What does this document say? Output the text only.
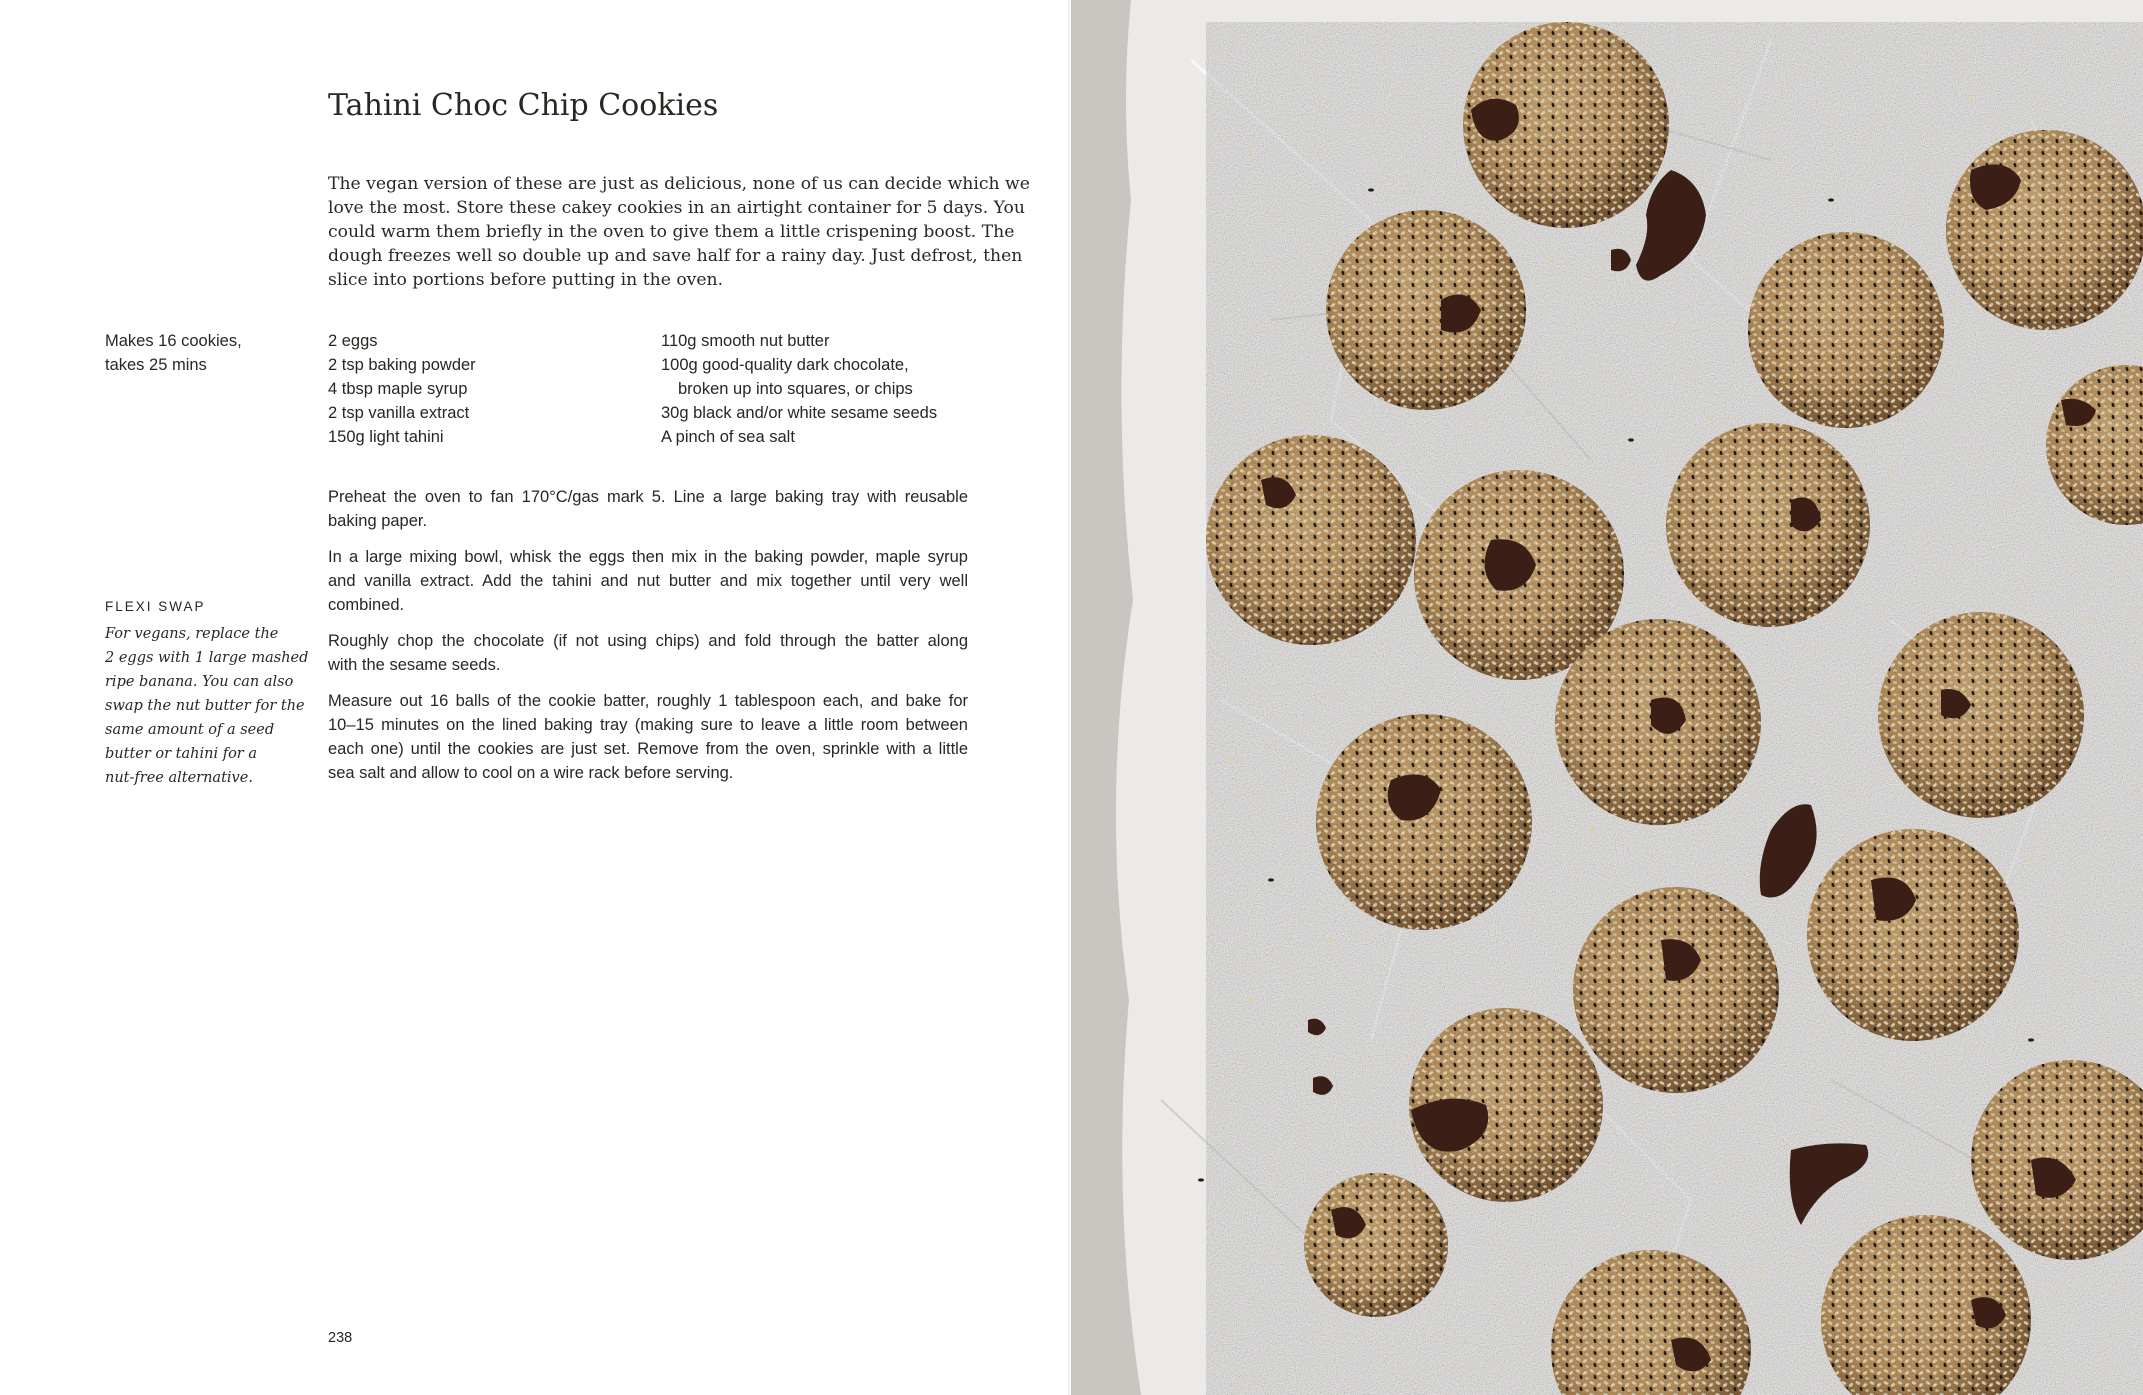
Tahini Choc Chip Cookies
The vegan version of these are just as delicious, none of us can decide which we
love the most. Store these cakey cookies in an airtight container for 5 days. You
could warm them briefly in the oven to give them a little crispening boost. The
dough freezes well so double up and save half for a rainy day. Just defrost, then
slice into portions before putting in the oven.
Makes 16 cookies,
takes 25 mins
2 eggs
2 tsp baking powder
4 tbsp maple syrup
2 tsp vanilla extract
150g light tahini
110g smooth nut butter
100g good-quality dark chocolate,
broken up into squares, or chips
30g black and/or white sesame seeds
A pinch of sea salt

Preheat the oven to fan 170°C/gas mark 5. Line a large baking tray with reusable
baking paper.

In a large mixing bowl, whisk the eggs then mix in the baking powder, maple syrup
and vanilla extract. Add the tahini and nut butter and mix together until very well
combined.

Roughly chop the chocolate (if not using chips) and fold through the batter along
with the sesame seeds.

Measure out 16 balls of the cookie batter, roughly 1 tablespoon each, and bake for
10–15 minutes on the lined baking tray (making sure to leave a little room between
each one) until the cookies are just set. Remove from the oven, sprinkle with a little
sea salt and allow to cool on a wire rack before serving.

FLEXI SWAP
For vegans, replace the
2 eggs with 1 large mashed
ripe banana. You can also
swap the nut butter for the
same amount of a seed
butter or tahini for a
nut-free alternative.
238
